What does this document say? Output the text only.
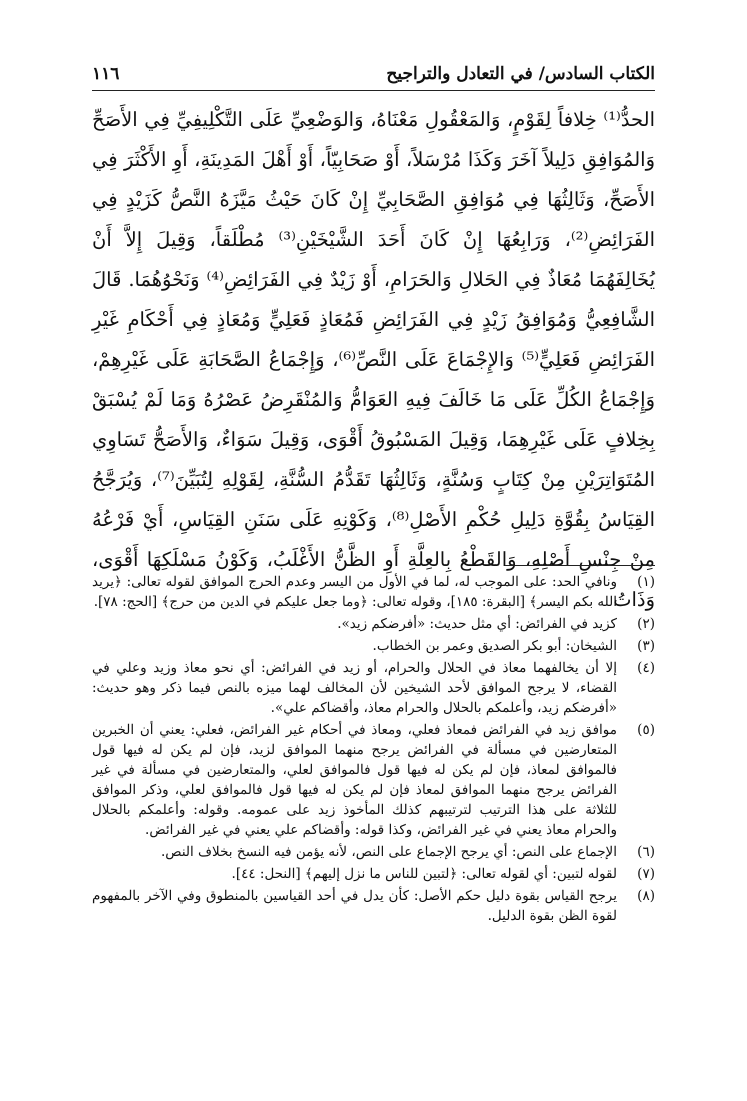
الكتاب السادس/ في التعادل والتراجيح
١١٦

الحدُّ⁽¹⁾ خِلافاً لِقَوْمٍ، وَالمَعْقُولِ مَعْنَاهُ، وَالوَضْعِيِّ عَلَى التَّكْلِيفِيِّ فِي الأَصَحِّ وَالمُوَافِقِ دَلِيلاً آخَرَ وَكَذَا مُرْسَلاً، أَوْ صَحَابِيّاً، أَوْ أَهْلَ المَدِينَةِ، أَوِ الأَكْثَرَ فِي الأَصَحِّ، وَثَالِثُهَا فِي مُوَافِقِ الصَّحَابِيِّ إِنْ كَانَ حَيْثُ مَيَّزَهُ النَّصُّ كَزَيْدٍ فِي الفَرَائِضِ⁽²⁾، وَرَابِعُهَا إِنْ كَانَ أَحَدَ الشَّيْخَيْنِ⁽³⁾ مُطْلَقاً، وَقِيلَ إِلاَّ أَنْ يُخَالِفَهُمَا مُعَاذٌ فِي الحَلالِ وَالحَرَامِ، أَوْ زَيْدٌ فِي الفَرَائِضِ⁽⁴⁾ وَنَحْوُهُمَا. قَالَ الشَّافِعِيُّ وَمُوَافِقُ زَيْدٍ فِي الفَرَائِضِ فَمُعَاذٍ فَعَلِيٍّ وَمُعَاذٍ فِي أَحْكَامِ غَيْرِ الفَرَائِضِ فَعَلِيٍّ⁽⁵⁾ وَالإِجْمَاعَ عَلَى النَّصِّ⁽⁶⁾، وَإِجْمَاعُ الصَّحَابَةِ عَلَى غَيْرِهِمْ، وَإِجْمَاعُ الكُلِّ عَلَى مَا خَالَفَ فِيهِ العَوَامُّ وَالمُنْقَرِضُ عَصْرُهُ وَمَا لَمْ يُسْبَقْ بِخِلافٍ عَلَى غَيْرِهِمَا، وَقِيلَ المَسْبُوقُ أَقْوَى، وَقِيلَ سَوَاءٌ، وَالأَصَحُّ تَسَاوِي المُتَوَاتِرَيْنِ مِنْ كِتَابٍ وَسُنَّةٍ، وَثَالِثُهَا تَقَدُّمُ السُّنَّةِ، لِقَوْلِهِ لِتُبَيِّنَ⁽⁷⁾، وَيُرَجَّحُ القِيَاسُ بِقُوَّةِ دَلِيلِ حُكْمِ الأَصْلِ⁽⁸⁾، وَكَوْنِهِ عَلَى سَنَنِ القِيَاسِ، أَيْ فَرْعُهُ مِنْ جِنْسِ أَصْلِهِ، وَالقَطْعُ بِالعِلَّةِ أَوِ الظَّنُّ الأَغْلَبُ، وَكَوْنُ مَسْلَكِهَا أَقْوَى، وَذَاتُ

(١)
ونافي الحد: على الموجب له، لما في الأول من اليسر وعدم الحرج الموافق لقوله تعالى: ﴿يريد الله بكم اليسر﴾ [البقرة: ١٨٥]، وقوله تعالى: ﴿وما جعل عليكم في الدين من حرج﴾ [الحج: ٧٨].
(٢)
كزيد في الفرائض: أي مثل حديث: «أفرضكم زيد».
(٣)
الشيخان: أبو بكر الصديق وعمر بن الخطاب.
(٤)
إلا أن يخالفهما معاذ في الحلال والحرام، أو زيد في الفرائض: أي نحو معاذ وزيد وعلي في القضاء، لا يرجح الموافق لأحد الشيخين لأن المخالف لهما ميزه بالنص فيما ذكر وهو حديث: «أفرضكم زيد، وأعلمكم بالحلال والحرام معاذ، وأقضاكم علي».
(٥)
موافق زيد في الفرائض فمعاذ فعلي، ومعاذ في أحكام غير الفرائض، فعلي: يعني أن الخبرين المتعارضين في مسألة في الفرائض يرجح منهما الموافق لزيد، فإن لم يكن له فيها قول فالموافق لمعاذ، فإن لم يكن له فيها قول فالموافق لعلي، والمتعارضين في مسألة في غير الفرائض يرجح منهما الموافق لمعاذ فإن لم يكن له فيها قول فالموافق لعلي، وذكر الموافق للثلاثة على هذا الترتيب لترتيبهم كذلك المأخوذ زيد على عمومه. وقوله: وأعلمكم بالحلال والحرام معاذ يعني في غير الفرائض، وكذا قوله: وأقضاكم علي يعني في غير الفرائض.
(٦)
الإجماع على النص: أي يرجح الإجماع على النص، لأنه يؤمن فيه النسخ بخلاف النص.
(٧)
لقوله لتبين: أي لقوله تعالى: ﴿لتبين للناس ما نزل إليهم﴾ [النحل: ٤٤].
(٨)
يرجح القياس بقوة دليل حكم الأصل: كأن يدل في أحد القياسين بالمنطوق وفي الآخر بالمفهوم لقوة الظن بقوة الدليل.
